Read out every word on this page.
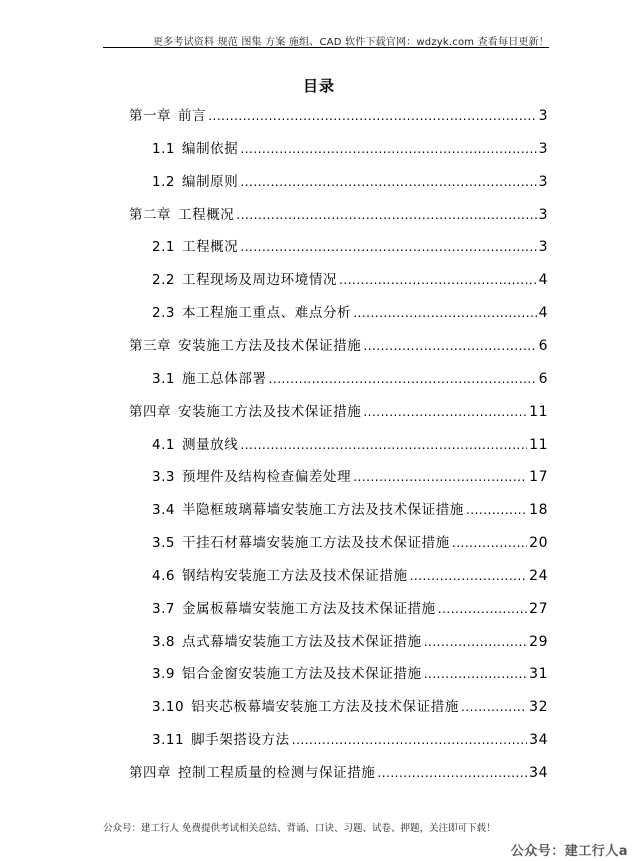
更多考试资料 规范 图集 方案 施组、CAD 软件下载官网：wdzyk.com 查看每日更新！
目录
第一章 前言 .....	3
1.1 编制依据 .....	3
1.2 编制原则 .....	3
第二章 工程概况 .....	3
2.1 工程概况 .....	3
2.2 工程现场及周边环境情况 .....	4
2.3 本工程施工重点、难点分析 .....	4
第三章 安装施工方法及技术保证措施 .....	6
3.1 施工总体部署 .....	6
第四章 安装施工方法及技术保证措施 .....	11
4.1 测量放线 .....	11
3.3 预埋件及结构检查偏差处理 .....	17
3.4 半隐框玻璃幕墙安装施工方法及技术保证措施 .....	18
3.5 干挂石材幕墙安装施工方法及技术保证措施 .....	20
4.6 钢结构安装施工方法及技术保证措施 .....	24
3.7 金属板幕墙安装施工方法及技术保证措施 .....	27
3.8 点式幕墙安装施工方法及技术保证措施 .....	29
3.9 铝合金窗安装施工方法及技术保证措施 .....	31
3.10 铝夹芯板幕墙安装施工方法及技术保证措施 .....	32
3.11 脚手架搭设方法 .....	34
第四章 控制工程质量的检测与保证措施 .....	34
公众号：建工行人 免费提供考试相关总结、背诵、口诀、习题、试卷、押题，关注即可下载！
公众号：建工行人a
